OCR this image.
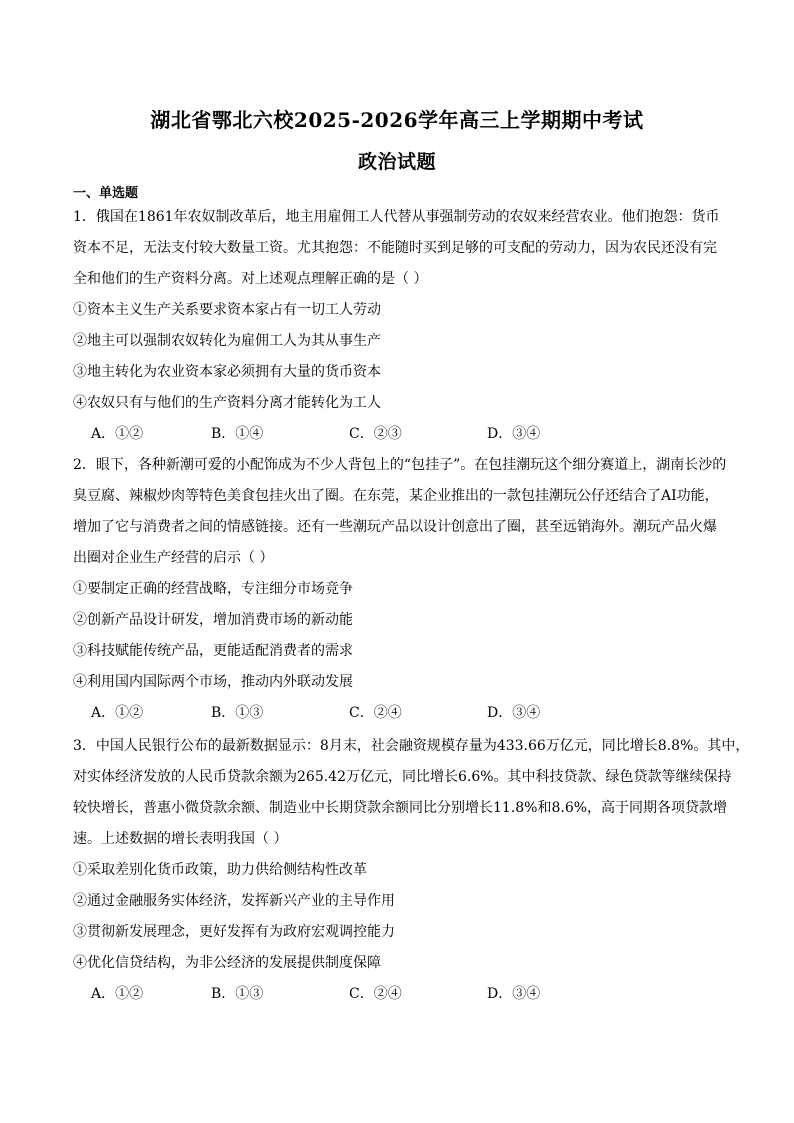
湖北省鄂北六校2025-2026学年高三上学期期中考试
政治试题
一、单选题

1．俄国在1861年农奴制改革后，地主用雇佣工人代替从事强制劳动的农奴来经营农业。他们抱怨：货币

资本不足，无法支付较大数量工资。尤其抱怨：不能随时买到足够的可支配的劳动力，因为农民还没有完

全和他们的生产资料分离。对上述观点理解正确的是（ ）

①资本主义生产关系要求资本家占有一切工人劳动

②地主可以强制农奴转化为雇佣工人为其从事生产

③地主转化为农业资本家必须拥有大量的货币资本

④农奴只有与他们的生产资料分离才能转化为工人

A．①②	B．①④	C．②③	D．③④

2．眼下，各种新潮可爱的小配饰成为不少人背包上的“包挂子”。在包挂潮玩这个细分赛道上，湖南长沙的

臭豆腐、辣椒炒肉等特色美食包挂火出了圈。在东莞，某企业推出的一款包挂潮玩公仔还结合了AI功能，

增加了它与消费者之间的情感链接。还有一些潮玩产品以设计创意出了圈，甚至远销海外。潮玩产品火爆

出圈对企业生产经营的启示（ ）

①要制定正确的经营战略，专注细分市场竞争

②创新产品设计研发，增加消费市场的新动能

③科技赋能传统产品，更能适配消费者的需求

④利用国内国际两个市场，推动内外联动发展

A．①②	B．①③	C．②④	D．③④

3．中国人民银行公布的最新数据显示：8月末，社会融资规模存量为433.66万亿元，同比增长8.8%。其中，

对实体经济发放的人民币贷款余额为265.42万亿元，同比增长6.6%。其中科技贷款、绿色贷款等继续保持

较快增长，普惠小微贷款余额、制造业中长期贷款余额同比分别增长11.8%和8.6%，高于同期各项贷款增

速。上述数据的增长表明我国（ ）

①采取差别化货币政策，助力供给侧结构性改革

②通过金融服务实体经济，发挥新兴产业的主导作用

③贯彻新发展理念，更好发挥有为政府宏观调控能力

④优化信贷结构，为非公经济的发展提供制度保障

A．①②	B．①③	C．②④	D．③④
